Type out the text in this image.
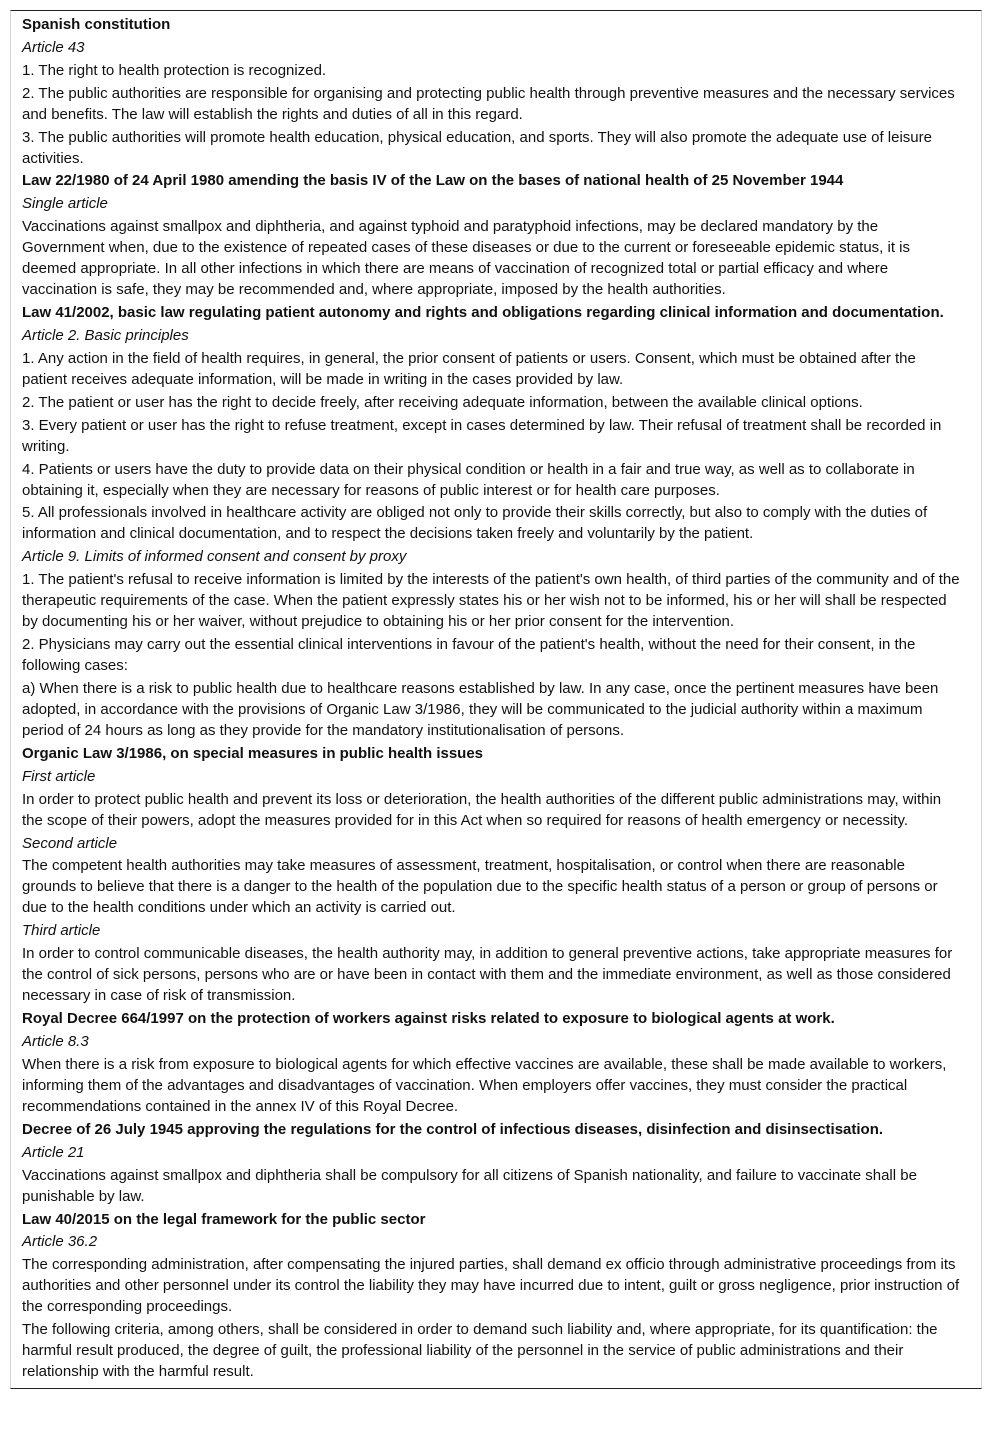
Spanish constitution

Article 43

1. The right to health protection is recognized.

2. The public authorities are responsible for organising and protecting public health through preventive measures and the necessary services and benefits. The law will establish the rights and duties of all in this regard.

3. The public authorities will promote health education, physical education, and sports. They will also promote the adequate use of leisure activities.

Law 22/1980 of 24 April 1980 amending the basis IV of the Law on the bases of national health of 25 November 1944

Single article

Vaccinations against smallpox and diphtheria, and against typhoid and paratyphoid infections, may be declared mandatory by the Government when, due to the existence of repeated cases of these diseases or due to the current or foreseeable epidemic status, it is deemed appropriate. In all other infections in which there are means of vaccination of recognized total or partial efficacy and where vaccination is safe, they may be recommended and, where appropriate, imposed by the health authorities.

Law 41/2002, basic law regulating patient autonomy and rights and obligations regarding clinical information and documentation.

Article 2. Basic principles

1. Any action in the field of health requires, in general, the prior consent of patients or users. Consent, which must be obtained after the patient receives adequate information, will be made in writing in the cases provided by law.

2. The patient or user has the right to decide freely, after receiving adequate information, between the available clinical options.

3. Every patient or user has the right to refuse treatment, except in cases determined by law. Their refusal of treatment shall be recorded in writing.

4. Patients or users have the duty to provide data on their physical condition or health in a fair and true way, as well as to collaborate in obtaining it, especially when they are necessary for reasons of public interest or for health care purposes.

5. All professionals involved in healthcare activity are obliged not only to provide their skills correctly, but also to comply with the duties of information and clinical documentation, and to respect the decisions taken freely and voluntarily by the patient.

Article 9. Limits of informed consent and consent by proxy

1. The patient's refusal to receive information is limited by the interests of the patient's own health, of third parties of the community and of the therapeutic requirements of the case. When the patient expressly states his or her wish not to be informed, his or her will shall be respected by documenting his or her waiver, without prejudice to obtaining his or her prior consent for the intervention.

2. Physicians may carry out the essential clinical interventions in favour of the patient's health, without the need for their consent, in the following cases:

a) When there is a risk to public health due to healthcare reasons established by law. In any case, once the pertinent measures have been adopted, in accordance with the provisions of Organic Law 3/1986, they will be communicated to the judicial authority within a maximum period of 24 hours as long as they provide for the mandatory institutionalisation of persons.

Organic Law 3/1986, on special measures in public health issues

First article

In order to protect public health and prevent its loss or deterioration, the health authorities of the different public administrations may, within the scope of their powers, adopt the measures provided for in this Act when so required for reasons of health emergency or necessity.

Second article

The competent health authorities may take measures of assessment, treatment, hospitalisation, or control when there are reasonable grounds to believe that there is a danger to the health of the population due to the specific health status of a person or group of persons or due to the health conditions under which an activity is carried out.

Third article

In order to control communicable diseases, the health authority may, in addition to general preventive actions, take appropriate measures for the control of sick persons, persons who are or have been in contact with them and the immediate environment, as well as those considered necessary in case of risk of transmission.

Royal Decree 664/1997 on the protection of workers against risks related to exposure to biological agents at work.

Article 8.3

When there is a risk from exposure to biological agents for which effective vaccines are available, these shall be made available to workers, informing them of the advantages and disadvantages of vaccination. When employers offer vaccines, they must consider the practical recommendations contained in the annex IV of this Royal Decree.

Decree of 26 July 1945 approving the regulations for the control of infectious diseases, disinfection and disinsectisation.

Article 21

Vaccinations against smallpox and diphtheria shall be compulsory for all citizens of Spanish nationality, and failure to vaccinate shall be punishable by law.

Law 40/2015 on the legal framework for the public sector

Article 36.2

The corresponding administration, after compensating the injured parties, shall demand ex officio through administrative proceedings from its authorities and other personnel under its control the liability they may have incurred due to intent, guilt or gross negligence, prior instruction of the corresponding proceedings.

The following criteria, among others, shall be considered in order to demand such liability and, where appropriate, for its quantification: the harmful result produced, the degree of guilt, the professional liability of the personnel in the service of public administrations and their relationship with the harmful result.
